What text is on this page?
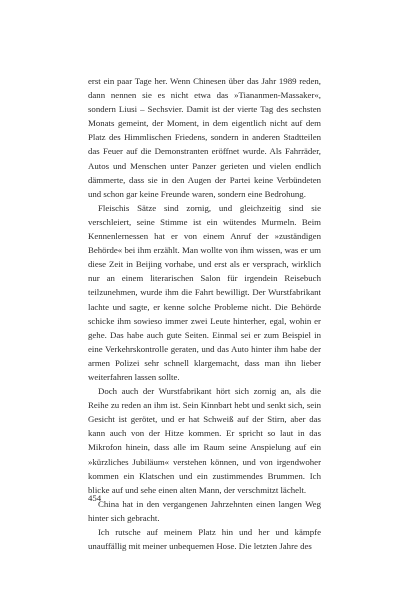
erst ein paar Tage her. Wenn Chinesen über das Jahr 1989 reden, dann nennen sie es nicht etwa das »Tiananmen-Massaker«, sondern Liusi – Sechsvier. Damit ist der vierte Tag des sechsten Monats gemeint, der Moment, in dem eigentlich nicht auf dem Platz des Himmlischen Friedens, sondern in anderen Stadtteilen das Feuer auf die Demonstranten eröffnet wurde. Als Fahrräder, Autos und Menschen unter Panzer gerieten und vielen endlich dämmerte, dass sie in den Augen der Partei keine Verbündeten und schon gar keine Freunde waren, sondern eine Bedrohung.

Fleischis Sätze sind zornig, und gleichzeitig sind sie verschleiert, seine Stimme ist ein wütendes Murmeln. Beim Kennenlernessen hat er von einem Anruf der »zuständigen Behörde« bei ihm erzählt. Man wollte von ihm wissen, was er um diese Zeit in Beijing vorhabe, und erst als er versprach, wirklich nur an einem literarischen Salon für irgendein Reisebuch teilzunehmen, wurde ihm die Fahrt bewilligt. Der Wurstfabrikant lachte und sagte, er kenne solche Probleme nicht. Die Behörde schicke ihm sowieso immer zwei Leute hinterher, egal, wohin er gehe. Das habe auch gute Seiten. Einmal sei er zum Beispiel in eine Verkehrskontrolle geraten, und das Auto hinter ihm habe der armen Polizei sehr schnell klargemacht, dass man ihn lieber weiterfahren lassen sollte.

Doch auch der Wurstfabrikant hört sich zornig an, als die Reihe zu reden an ihm ist. Sein Kinnbart hebt und senkt sich, sein Gesicht ist gerötet, und er hat Schweiß auf der Stirn, aber das kann auch von der Hitze kommen. Er spricht so laut in das Mikrofon hinein, dass alle im Raum seine Anspielung auf ein »kürzliches Jubiläum« verstehen können, und von irgendwoher kommen ein Klatschen und ein zustimmendes Brummen. Ich blicke auf und sehe einen alten Mann, der verschmitzt lächelt.

China hat in den vergangenen Jahrzehnten einen langen Weg hinter sich gebracht.

Ich rutsche auf meinem Platz hin und her und kämpfe unauffällig mit meiner unbequemen Hose. Die letzten Jahre des

454
